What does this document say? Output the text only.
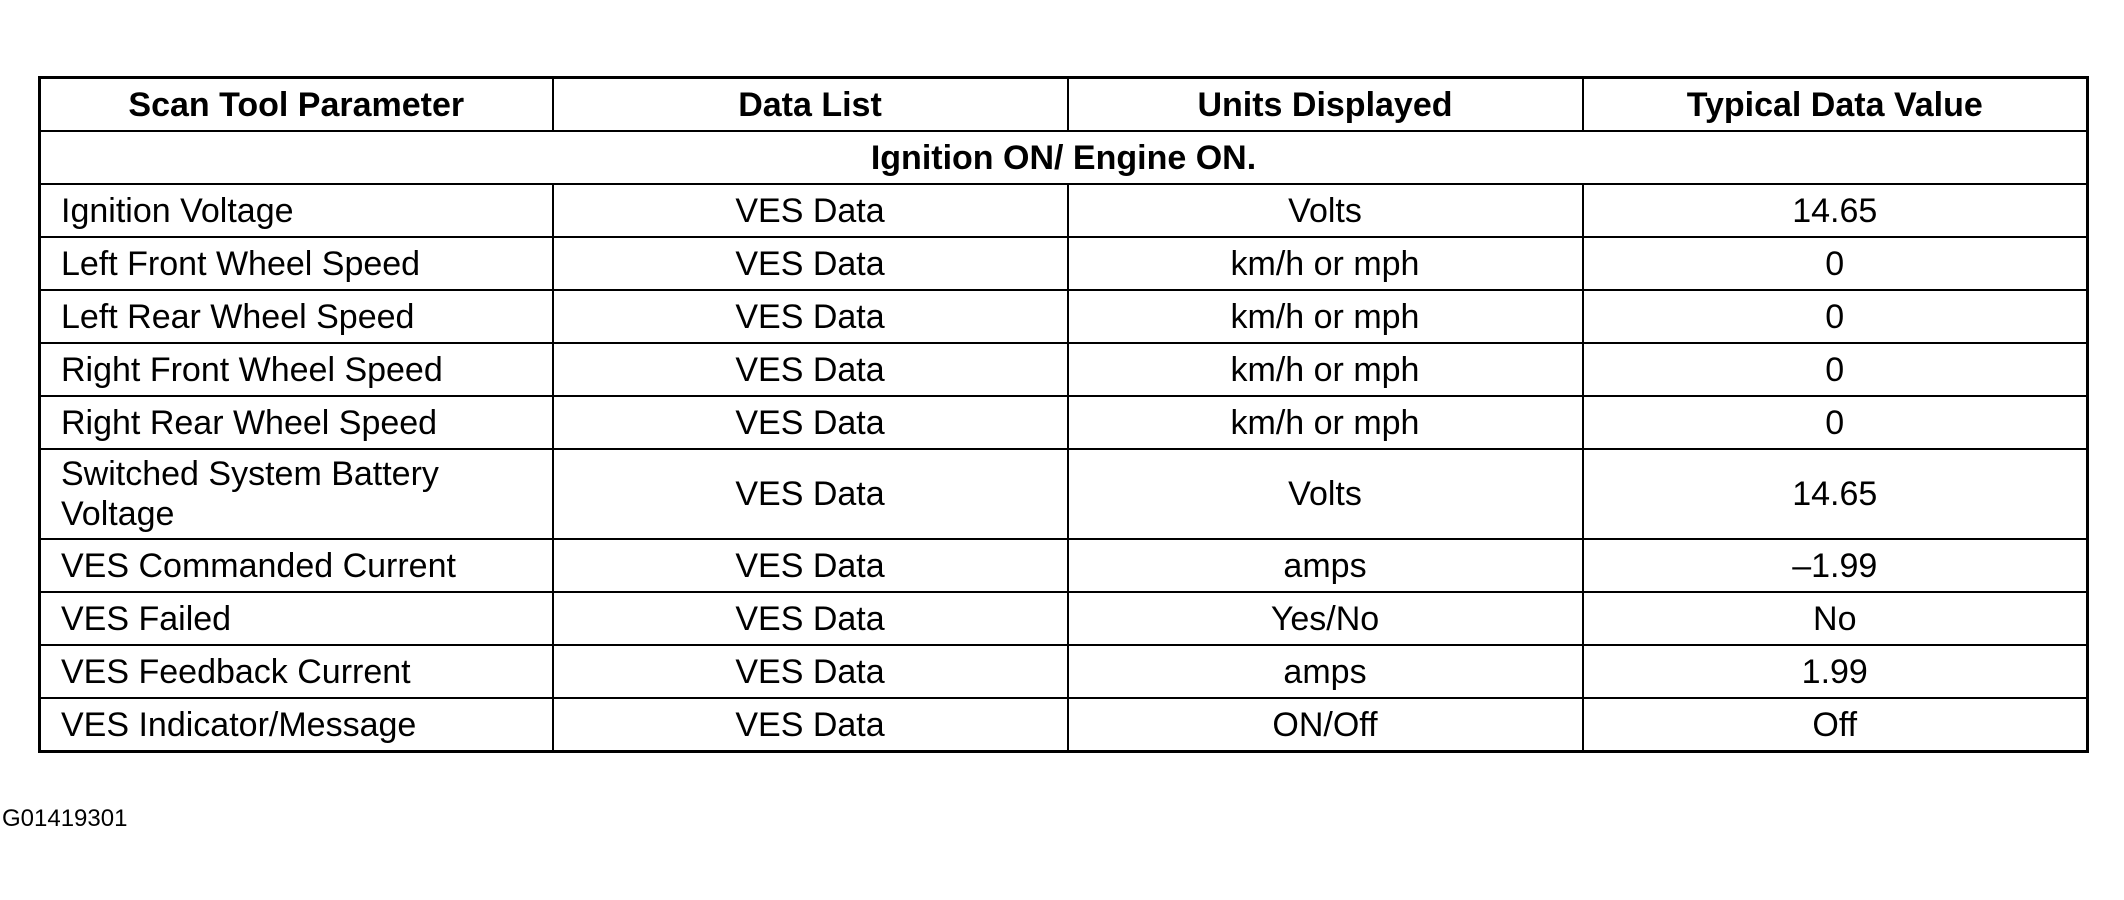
Scan Tool Parameter	Data List	Units Displayed	Typical Data Value
Ignition ON/ Engine ON.			
Ignition Voltage	VES Data	Volts	14.65
Left Front Wheel Speed	VES Data	km/h or mph	0
Left Rear Wheel Speed	VES Data	km/h or mph	0
Right Front Wheel Speed	VES Data	km/h or mph	0
Right Rear Wheel Speed	VES Data	km/h or mph	0
Switched System Battery Voltage	VES Data	Volts	14.65
VES Commanded Current	VES Data	amps	–1.99
VES Failed	VES Data	Yes/No	No
VES Feedback Current	VES Data	amps	1.99
VES Indicator/Message	VES Data	ON/Off	Off
G01419301
